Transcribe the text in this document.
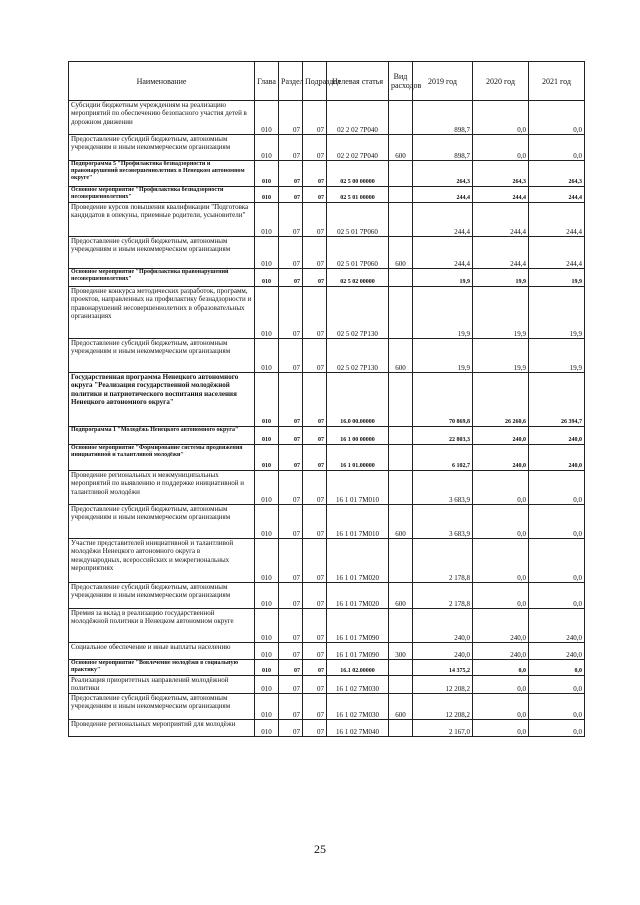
Наименование	Глава	Раздел	Подраздел	Целевая статья	Вид расходов	2019 год	2020 год	2021 год
Субсидии бюджетным учреждениям на реализацию мероприятий по обеспечению безопасного участия детей в дорожном движении	010	07	07	02 2 02 7Р040		898,7	0,0	0,0
Предоставление субсидий бюджетным, автономным учреждениям и иным некоммерческим организациям	010	07	07	02 2 02 7Р040	600	898,7	0,0	0,0
Подпрограмма 5 "Профилактика безнадзорности и правонарушений несовершеннолетних в Ненецком автономном округе"	010	07	07	02 5 00 00000		264,3	264,3	264,3
Основное мероприятие "Профилактика безнадзорности несовершеннолетних"	010	07	07	02 5 01 00000		244,4	244,4	244,4
Проведение курсов повышения квалификации "Подготовка кандидатов в опекуны, приемные родители, усыновители"	010	07	07	02 5 01 7Р060		244,4	244,4	244,4
Предоставление субсидий бюджетным, автономным учреждениям и иным некоммерческим организациям	010	07	07	02 5 01 7Р060	600	244,4	244,4	244,4
Основное мероприятие "Профилактика правонарушений несовершеннолетних"	010	07	07	02 5 02 00000		19,9	19,9	19,9
Проведение конкурса методических разработок, программ, проектов, направленных на профилактику безнадзорности и правонарушений несовершеннолетних в образовательных организациях	010	07	07	02 5 02 7Р130		19,9	19,9	19,9
Предоставление субсидий бюджетным, автономным учреждениям и иным некоммерческим организациям	010	07	07	02 5 02 7Р130	600	19,9	19,9	19,9
Государственная программа Ненецкого автономного округа "Реализация государственной молодёжной политики и патриотического воспитания населения Ненецкого автономного округа"	010	07	07	16.0 00.00000		70 869,8	26 260,6	26 394,7
Подпрограмма 1 "Молодёжь Ненецкого автономного округа"	010	07	07	16 1 00 00000		22 803,3	240,0	240,0
Основное мероприятие "Формирование системы продвижения инициативной и талантливой молодёжи"	010	07	07	16 1 01.00000		6 102,7	240,0	240,0
Проведение региональных и межмуниципальных мероприятий по выявлению и поддержке инициативной и талантливой молодёжи	010	07	07	16 1 01 7М010		3 683,9	0,0	0,0
Предоставление субсидий бюджетным, автономным учреждениям и иным некоммерческим организациям	010	07	07	16 1 01 7М010	600	3 683,9	0,0	0,0
Участие представителей инициативной и талантливой молодёжи Ненецкого автономного округа в международных, всероссийских и межрегиональных мероприятиях	010	07	07	16 1 01 7М020		2 178,8	0,0	0,0
Предоставление субсидий бюджетным, автономным учреждениям и иным некоммерческим организациям	010	07	07	16 1 01 7М020	600	2 178,8	0,0	0,0
Премия за вклад в реализацию государственной молодёжной политики в Ненецком автономном округе	010	07	07	16 1 01 7М090		240,0	240,0	240,0
Социальное обеспечение и иные выплаты населению	010	07	07	16 1 01 7М090	300	240,0	240,0	240,0
Основное мероприятие "Вовлечение молодёжи в социальную практику"	010	07	07	16.1 02.00000		14 375,2	0,0	0,0
Реализация приоритетных направлений молодёжной политики	010	07	07	16 1 02 7М030		12 208,2	0,0	0,0
Предоставление субсидий бюджетным, автономным учреждениям и иным некоммерческим организациям	010	07	07	16 1 02 7М030	600	12 208,2	0,0	0,0
Проведение региональных мероприятий для молодёжи	010	07	07	16 1 02 7М040		2 167,0	0,0	0,0
25
